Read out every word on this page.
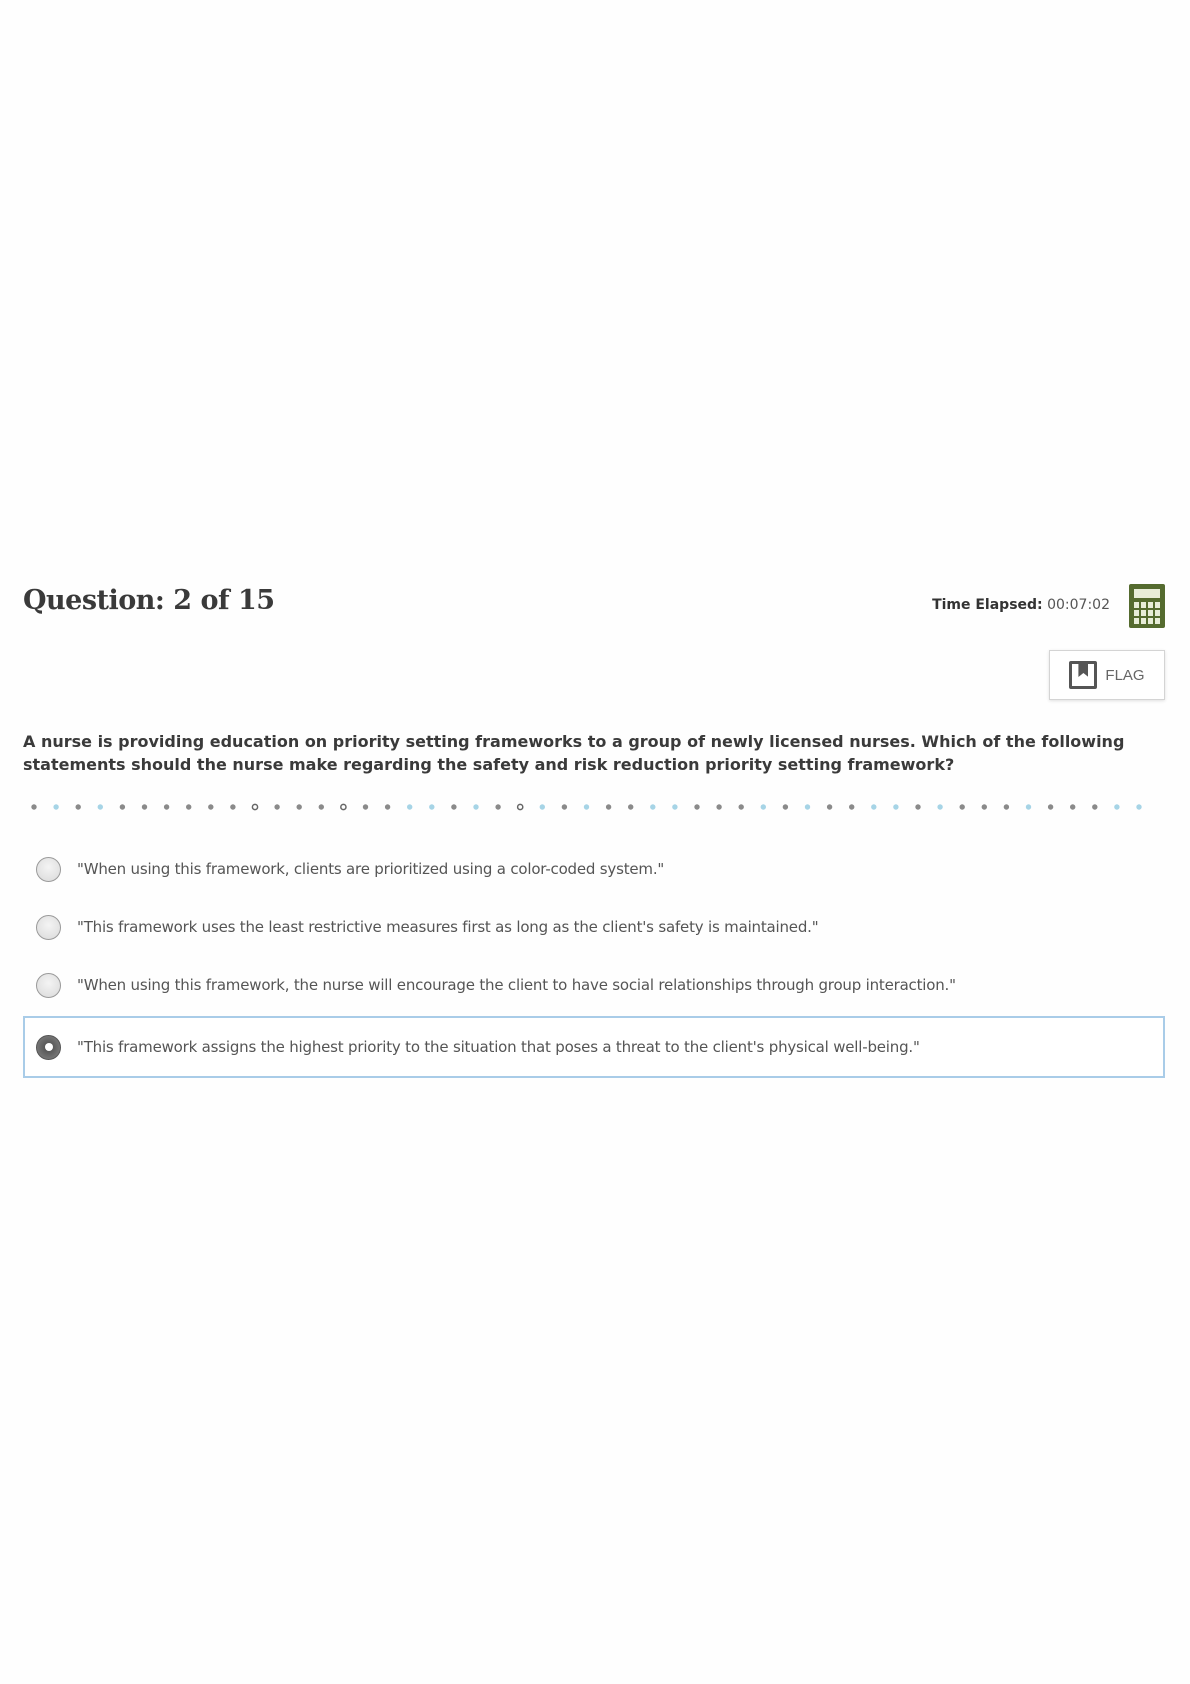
Question: 2 of 15	Time Elapsed: 00:07:02
FLAG

A nurse is providing education on priority setting frameworks to a group of newly licensed nurses. Which of the following statements should the nurse make regarding the safety and risk reduction priority setting framework?

"When using this framework, clients are prioritized using a color-coded system."
"This framework uses the least restrictive measures first as long as the client's safety is maintained."
"When using this framework, the nurse will encourage the client to have social relationships through group interaction."
"This framework assigns the highest priority to the situation that poses a threat to the client's physical well-being."
